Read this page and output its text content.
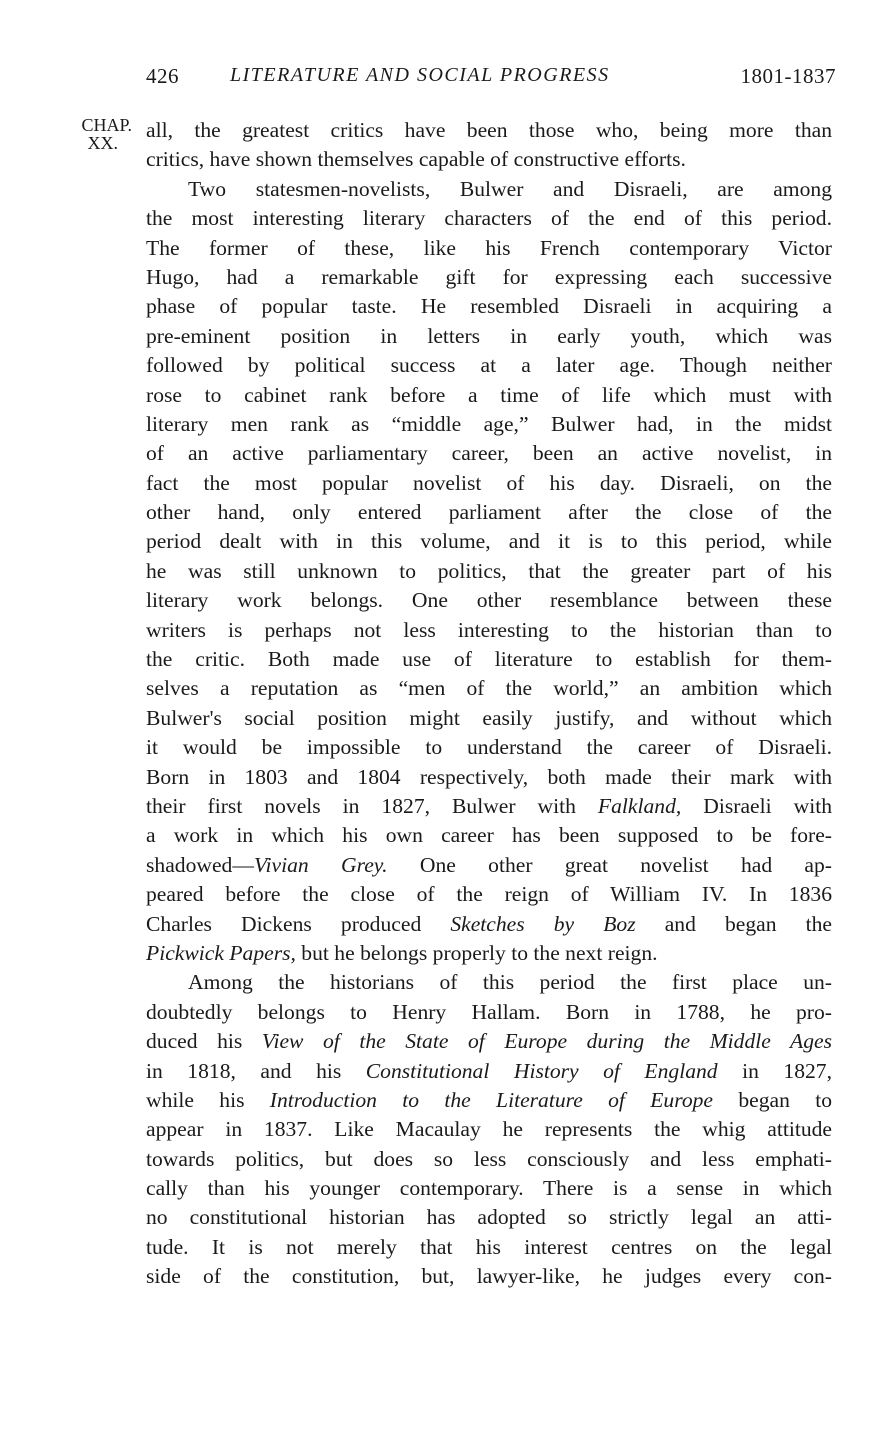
426	LITERATURE AND SOCIAL PROGRESS	1801-1837
CHAP.
XX.
all, the greatest critics have been those who, being more than
critics, have shown themselves capable of constructive efforts.
Two statesmen-novelists, Bulwer and Disraeli, are among
the most interesting literary characters of the end of this period.
The former of these, like his French contemporary Victor
Hugo, had a remarkable gift for expressing each successive
phase of popular taste. He resembled Disraeli in acquiring a
pre-eminent position in letters in early youth, which was
followed by political success at a later age. Though neither
rose to cabinet rank before a time of life which must with
literary men rank as “middle age,” Bulwer had, in the midst
of an active parliamentary career, been an active novelist, in
fact the most popular novelist of his day. Disraeli, on the
other hand, only entered parliament after the close of the
period dealt with in this volume, and it is to this period, while
he was still unknown to politics, that the greater part of his
literary work belongs. One other resemblance between these
writers is perhaps not less interesting to the historian than to
the critic. Both made use of literature to establish for them-
selves a reputation as “men of the world,” an ambition which
Bulwer's social position might easily justify, and without which
it would be impossible to understand the career of Disraeli.
Born in 1803 and 1804 respectively, both made their mark with
their first novels in 1827, Bulwer with Falkland, Disraeli with
a work in which his own career has been supposed to be fore-
shadowed—Vivian Grey. One other great novelist had ap-
peared before the close of the reign of William IV. In 1836
Charles Dickens produced Sketches by Boz and began the
Pickwick Papers, but he belongs properly to the next reign.
Among the historians of this period the first place un-
doubtedly belongs to Henry Hallam. Born in 1788, he pro-
duced his View of the State of Europe during the Middle Ages
in 1818, and his Constitutional History of England in 1827,
while his Introduction to the Literature of Europe began to
appear in 1837. Like Macaulay he represents the whig attitude
towards politics, but does so less consciously and less emphati-
cally than his younger contemporary. There is a sense in which
no constitutional historian has adopted so strictly legal an atti-
tude. It is not merely that his interest centres on the legal
side of the constitution, but, lawyer-like, he judges every con-
